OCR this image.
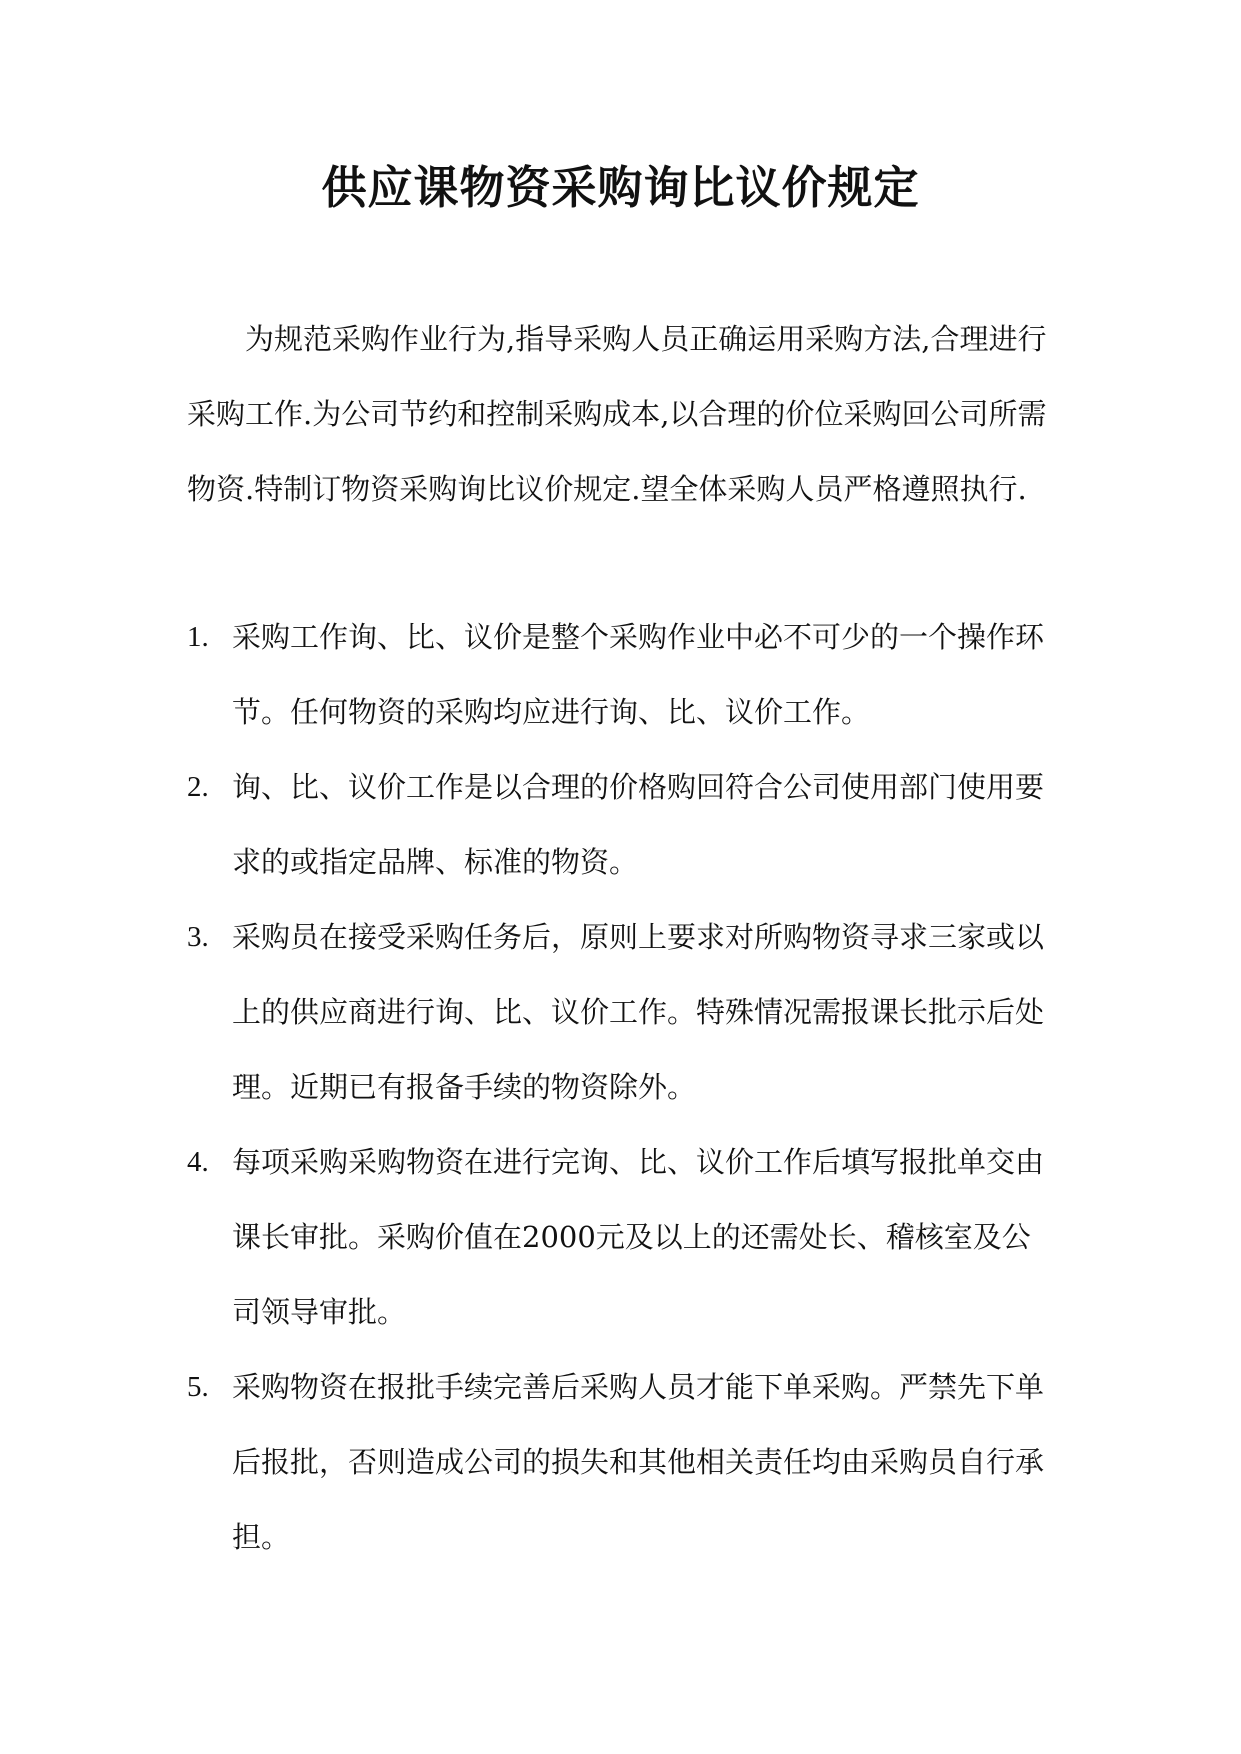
供应课物资采购询比议价规定

为规范采购作业行为,指导采购人员正确运用采购方法,合理进行采购工作.为公司节约和控制采购成本,以合理的价位采购回公司所需物资.特制订物资采购询比议价规定.望全体采购人员严格遵照执行.

1. 采购工作询、比、议价是整个采购作业中必不可少的一个操作环节。任何物资的采购均应进行询、比、议价工作。
2. 询、比、议价工作是以合理的价格购回符合公司使用部门使用要求的或指定品牌、标准的物资。
3. 采购员在接受采购任务后，原则上要求对所购物资寻求三家或以上的供应商进行询、比、议价工作。特殊情况需报课长批示后处理。近期已有报备手续的物资除外。
4. 每项采购采购物资在进行完询、比、议价工作后填写报批单交由课长审批。采购价值在2000元及以上的还需处长、稽核室及公司领导审批。
5. 采购物资在报批手续完善后采购人员才能下单采购。严禁先下单后报批，否则造成公司的损失和其他相关责任均由采购员自行承担。
